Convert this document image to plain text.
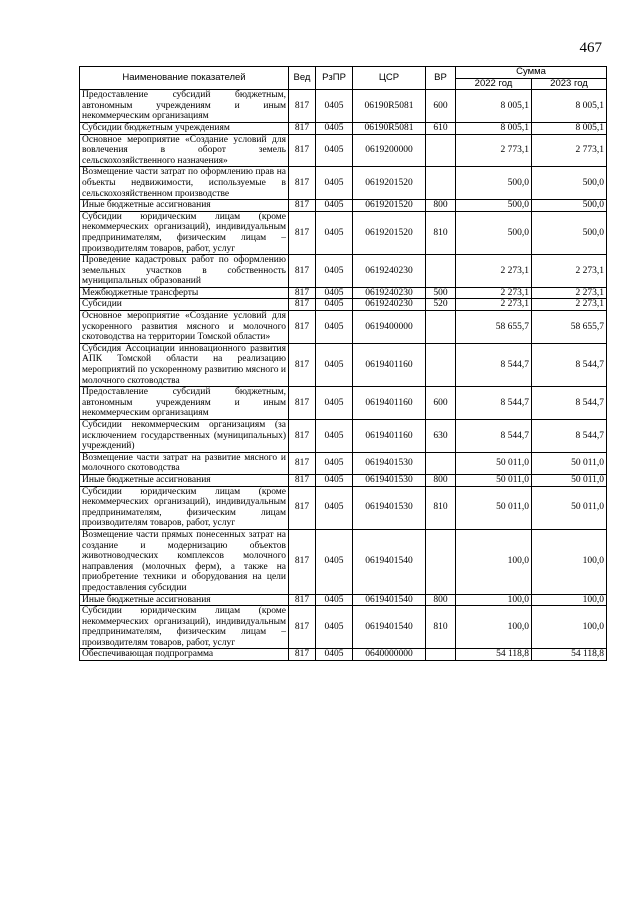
467
Наименование показателей	Вед	РзПР	ЦСР	ВР	Сумма	
					2022 год	2023 год
Предоставление субсидий бюджетным, автономным учреждениям и иным некоммерческим организациям	817	0405	06190R5081	600	8 005,1	8 005,1
Субсидии бюджетным учреждениям	817	0405	06190R5081	610	8 005,1	8 005,1
Основное мероприятие «Создание условий для вовлечения в оборот земель сельскохозяйственного назначения»	817	0405	0619200000		2 773,1	2 773,1
Возмещение части затрат по оформлению прав на объекты недвижимости, используемые в сельскохозяйственном производстве	817	0405	0619201520		500,0	500,0
Иные бюджетные ассигнования	817	0405	0619201520	800	500,0	500,0
Субсидии юридическим лицам (кроме некоммерческих организаций), индивидуальным предпринимателям, физическим лицам – производителям товаров, работ, услуг	817	0405	0619201520	810	500,0	500,0
Проведение кадастровых работ по оформлению земельных участков в собственность муниципальных образований	817	0405	0619240230		2 273,1	2 273,1
Межбюджетные трансферты	817	0405	0619240230	500	2 273,1	2 273,1
Субсидии	817	0405	0619240230	520	2 273,1	2 273,1
Основное мероприятие «Создание условий для ускоренного развития мясного и молочного скотоводства на территории Томской области»	817	0405	0619400000		58 655,7	58 655,7
Субсидия Ассоциации инновационного развития АПК Томской области на реализацию мероприятий по ускоренному развитию мясного и молочного скотоводства	817	0405	0619401160		8 544,7	8 544,7
Предоставление субсидий бюджетным, автономным учреждениям и иным некоммерческим организациям	817	0405	0619401160	600	8 544,7	8 544,7
Субсидии некоммерческим организациям (за исключением государственных (муниципальных) учреждений)	817	0405	0619401160	630	8 544,7	8 544,7
Возмещение части затрат на развитие мясного и молочного скотоводства	817	0405	0619401530		50 011,0	50 011,0
Иные бюджетные ассигнования	817	0405	0619401530	800	50 011,0	50 011,0
Субсидии юридическим лицам (кроме некоммерческих организаций), индивидуальным предпринимателям, физическим лицам производителям товаров, работ, услуг	817	0405	0619401530	810	50 011,0	50 011,0
Возмещение части прямых понесенных затрат на создание и модернизацию объектов животноводческих комплексов молочного направления (молочных ферм), а также на приобретение техники и оборудования на цели предоставления субсидии	817	0405	0619401540		100,0	100,0
Иные бюджетные ассигнования	817	0405	0619401540	800	100,0	100,0
Субсидии юридическим лицам (кроме некоммерческих организаций), индивидуальным предпринимателям, физическим лицам – производителям товаров, работ, услуг	817	0405	0619401540	810	100,0	100,0
Обеспечивающая подпрограмма	817	0405	0640000000		54 118,8	54 118,8
